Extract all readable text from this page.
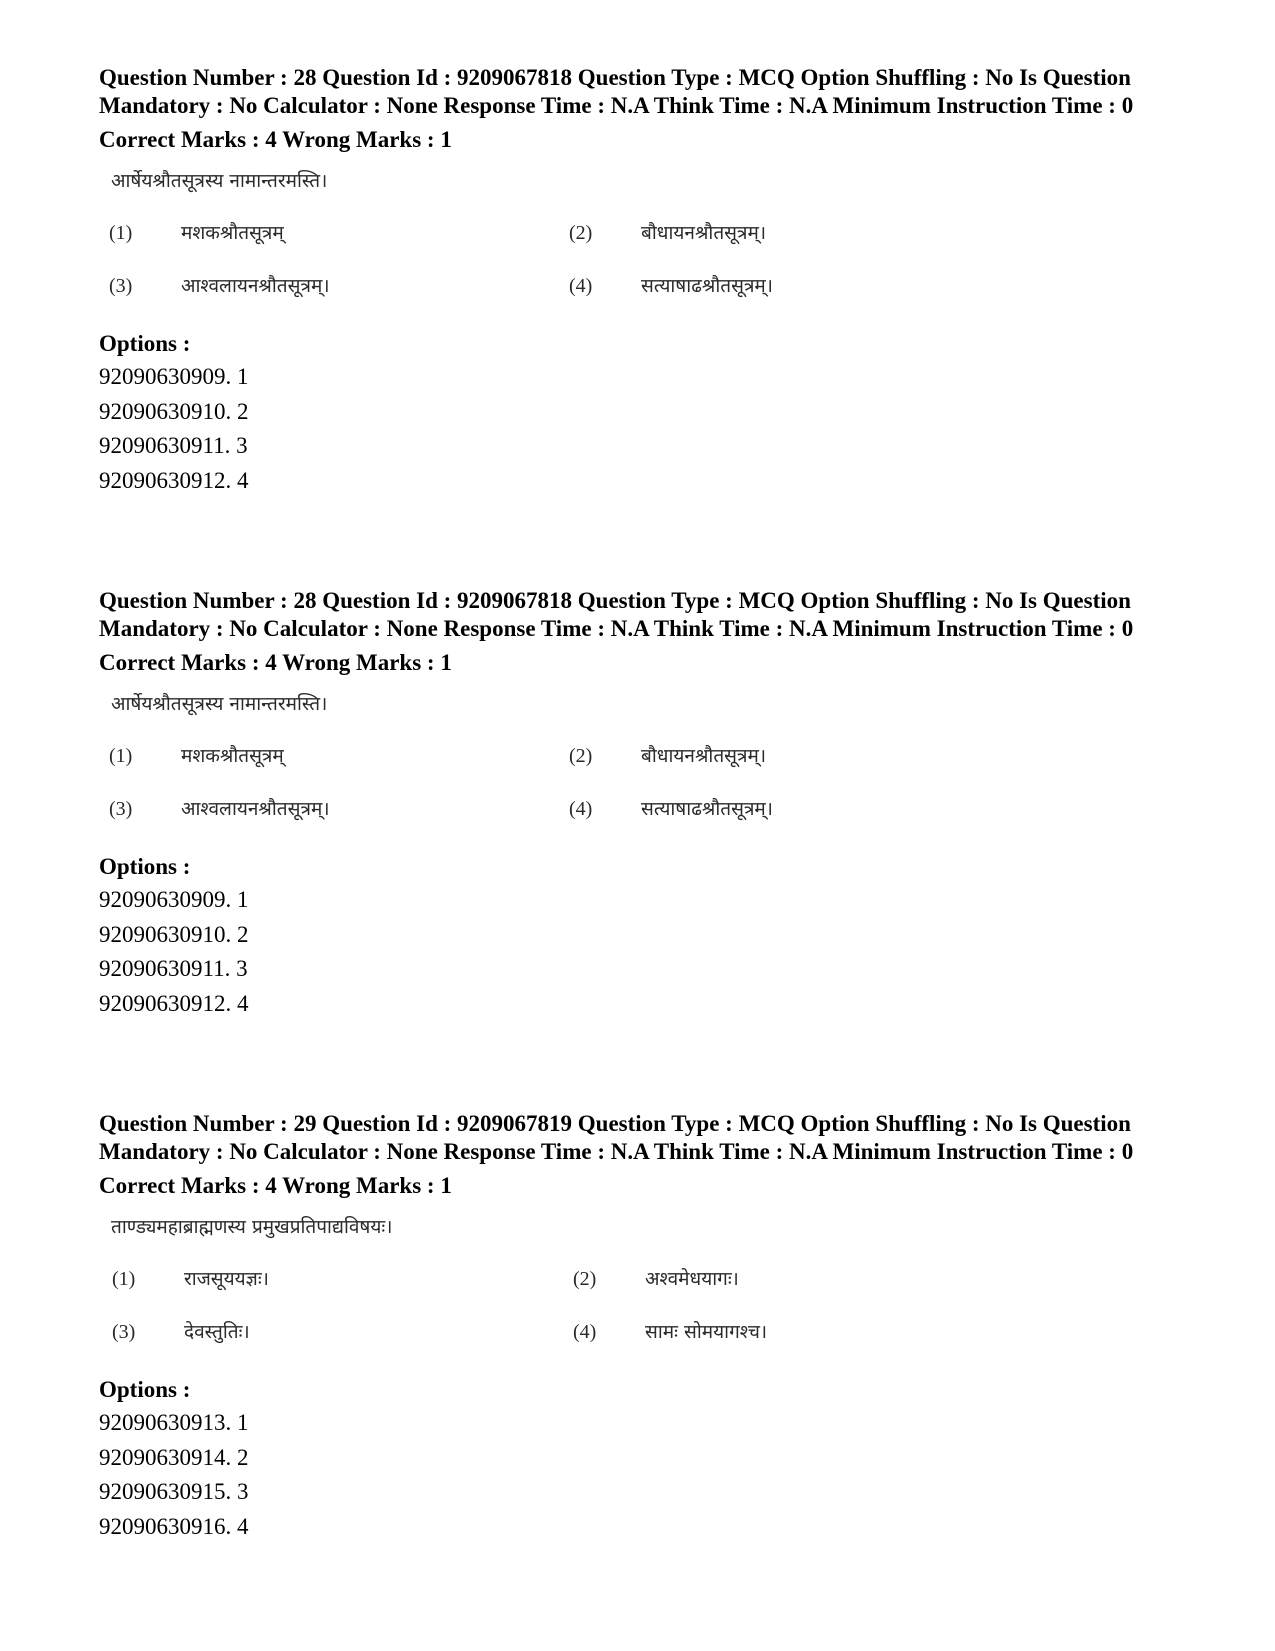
Question Number : 28 Question Id : 9209067818 Question Type : MCQ Option Shuffling : No Is Question Mandatory : No Calculator : None Response Time : N.A Think Time : N.A Minimum Instruction Time : 0

Correct Marks : 4 Wrong Marks : 1
आर्षेयश्रौतसूत्रस्य नामान्तरमस्ति।
(1)	मशकश्रौतसूत्रम्	(2)	बौधायनश्रौतसूत्रम्।
(3)	आश्वलायनश्रौतसूत्रम्।	(4)	सत्याषाढश्रौतसूत्रम्।
Options :
92090630909. 1
92090630910. 2
92090630911. 3
92090630912. 4

Question Number : 28 Question Id : 9209067818 Question Type : MCQ Option Shuffling : No Is Question Mandatory : No Calculator : None Response Time : N.A Think Time : N.A Minimum Instruction Time : 0

Correct Marks : 4 Wrong Marks : 1
आर्षेयश्रौतसूत्रस्य नामान्तरमस्ति।
(1)	मशकश्रौतसूत्रम्	(2)	बौधायनश्रौतसूत्रम्।
(3)	आश्वलायनश्रौतसूत्रम्।	(4)	सत्याषाढश्रौतसूत्रम्।
Options :
92090630909. 1
92090630910. 2
92090630911. 3
92090630912. 4

Question Number : 29 Question Id : 9209067819 Question Type : MCQ Option Shuffling : No Is Question Mandatory : No Calculator : None Response Time : N.A Think Time : N.A Minimum Instruction Time : 0

Correct Marks : 4 Wrong Marks : 1
ताण्ड्यमहाब्राह्मणस्य प्रमुखप्रतिपाद्यविषयः।
(1)	राजसूययज्ञः।	(2)	अश्वमेधयागः।
(3)	देवस्तुतिः।	(4)	सामः सोमयागश्च।
Options :
92090630913. 1
92090630914. 2
92090630915. 3
92090630916. 4
